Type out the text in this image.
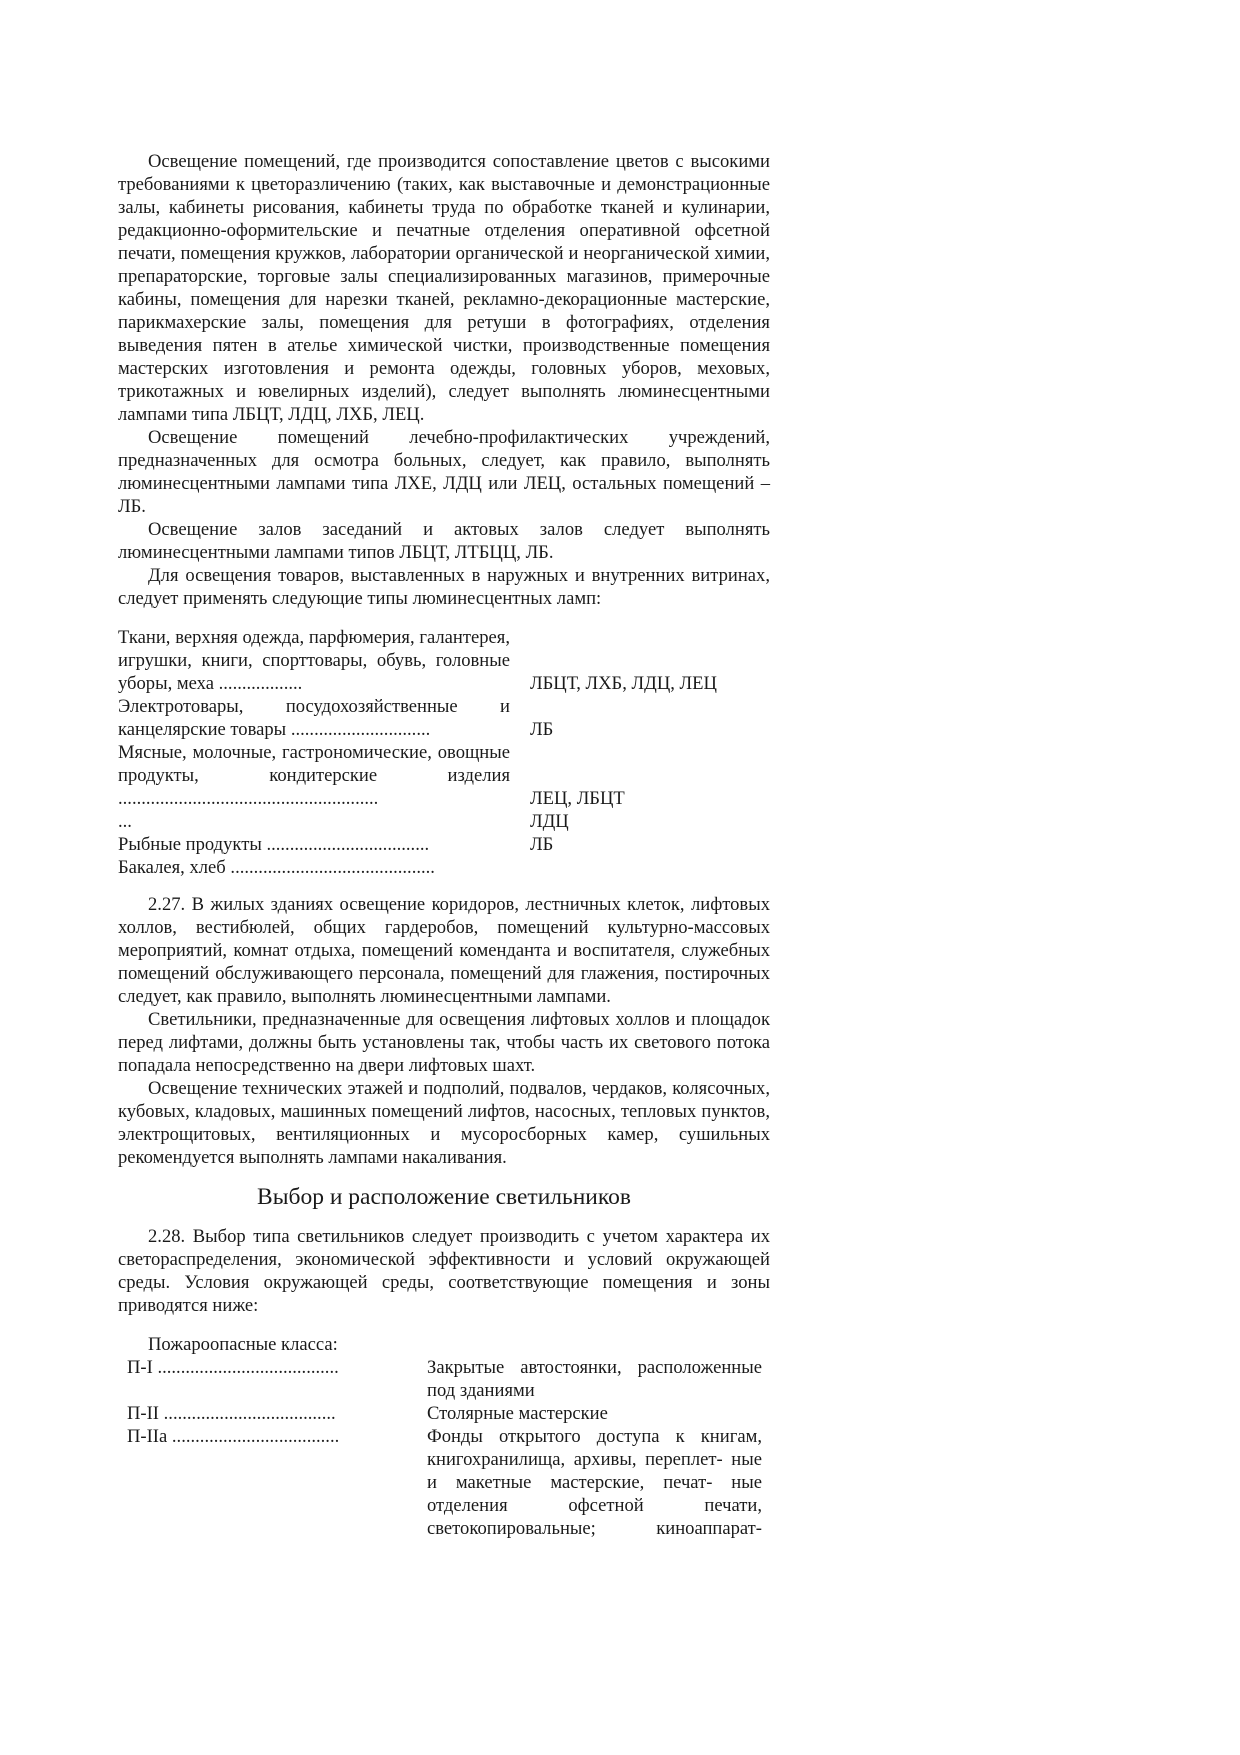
Освещение помещений, где производится сопоставление цветов с высокими требованиями к цветоразличению (таких, как выставочные и демонстрационные залы, кабинеты рисования, кабинеты труда по обработке тканей и кулинарии, редакционно-оформительские и печатные отделения оперативной офсетной печати, помещения кружков, лаборатории органической и неорганической химии, препараторские, торговые залы специализированных магазинов, примерочные кабины, помещения для нарезки тканей, рекламно-декорационные мастерские, парикмахерские залы, помещения для ретуши в фотографиях, отделения выведения пятен в ателье химической чистки, производственные помещения мастерских изготовления и ремонта одежды, головных уборов, меховых, трикотажных и ювелирных изделий), следует выполнять люминесцентными лампами типа ЛБЦТ, ЛДЦ, ЛХБ, ЛЕЦ.

Освещение помещений лечебно-профилактических учреждений, предназначенных для осмотра больных, следует, как правило, выполнять люминесцентными лампами типа ЛХЕ, ЛДЦ или ЛЕЦ, остальных помещений – ЛБ.

Освещение залов заседаний и актовых залов следует выполнять люминесцентными лампами типов ЛБЦТ, ЛТБЦЦ, ЛБ.

Для освещения товаров, выставленных в наружных и внутренних витринах, следует применять следующие типы люминесцентных ламп:

Ткани, верхняя одежда, парфюмерия, галантерея, игрушки, книги, спорттовары, обувь, головные уборы, меха ..................	ЛБЦТ, ЛХБ, ЛДЦ, ЛЕЦ
Электротовары, посудохозяйственные и канцелярские товары ..............................	ЛБ
Мясные, молочные, гастрономические, овощные продукты, кондитерские изделия ........................................................	ЛЕЦ, ЛБЦТ
...	ЛДЦ
Рыбные продукты ...................................	ЛБ
Бакалея, хлеб ............................................	

2.27. В жилых зданиях освещение коридоров, лестничных клеток, лифтовых холлов, вестибюлей, общих гардеробов, помещений культурно-массовых мероприятий, комнат отдыха, помещений коменданта и воспитателя, служебных помещений обслуживающего персонала, помещений для глажения, постирочных следует, как правило, выполнять люминесцентными лампами.

Светильники, предназначенные для освещения лифтовых холлов и площадок перед лифтами, должны быть установлены так, чтобы часть их светового потока попадала непосредственно на двери лифтовых шахт.

Освещение технических этажей и подполий, подвалов, чердаков, колясочных, кубовых, кладовых, машинных помещений лифтов, насосных, тепловых пунктов, электрощитовых, вентиляционных и мусоросборных камер, сушильных рекомендуется выполнять лампами накаливания.

Выбор и расположение светильников

2.28. Выбор типа светильников следует производить с учетом характера их светораспределения, экономической эффективности и условий окружающей среды. Условия окружающей среды, соответствующие помещения и зоны приводятся ниже:

Пожароопасные класса:
П-I .......................................	Закрытые автостоянки, расположенные под зданиями
П-II .....................................	Столярные мастерские
П-IIа ....................................	Фонды открытого доступа к книгам, книгохранилища, архивы, переплет- ные и макетные мастерские, печат- ные отделения офсетной печати, светокопировальные; киноаппарат-
